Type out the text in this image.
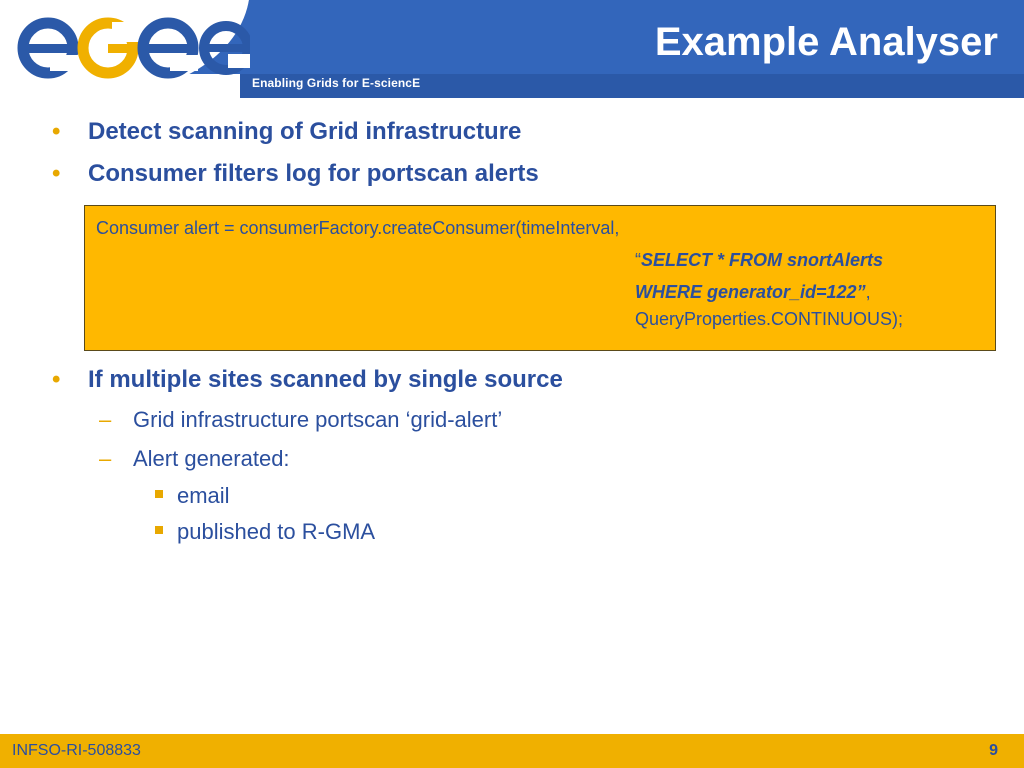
Enabling Grids for E-sciencE
Example Analyser
• Detect scanning of Grid infrastructure
• Consumer filters log for portscan alerts
Consumer alert = consumerFactory.createConsumer(timeInterval,
“SELECT * FROM snortAlerts
WHERE generator_id=122”,
QueryProperties.CONTINUOUS);
• If multiple sites scanned by single source
– Grid infrastructure portscan ‘grid-alert’
– Alert generated:
email
published to R-GMA
INFSO-RI-508833	9
